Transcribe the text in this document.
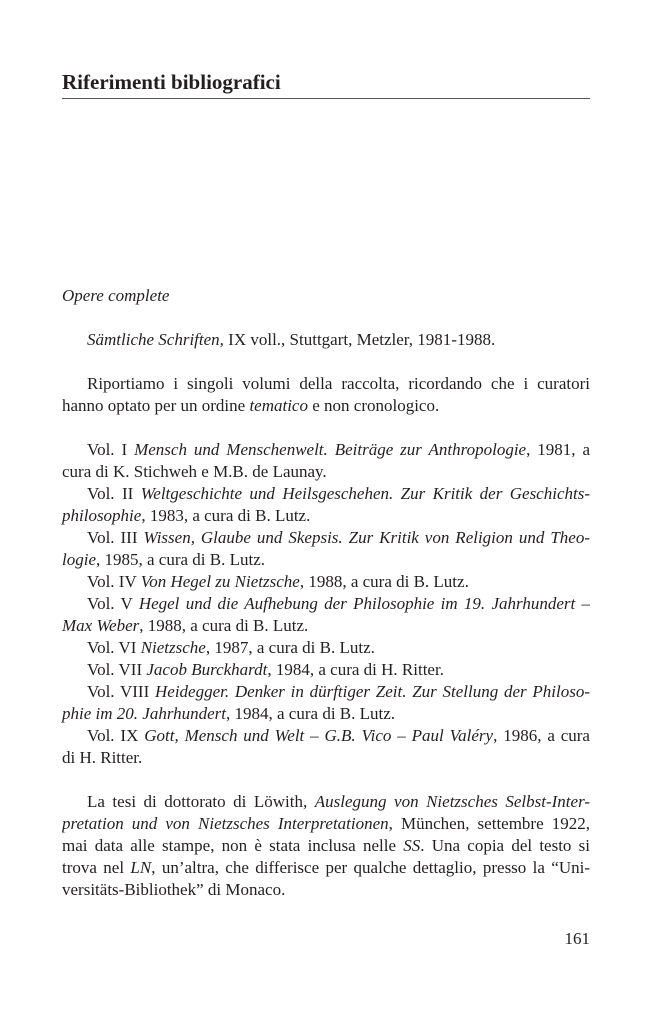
Riferimenti bibliografici
Opere complete
Sämtliche Schriften, IX voll., Stuttgart, Metzler, 1981-1988.
Riportiamo i singoli volumi della raccolta, ricordando che i curatori
hanno optato per un ordine tematico e non cronologico.
Vol. I Mensch und Menschenwelt. Beiträge zur Anthropologie, 1981, a
cura di K. Stichweh e M.B. de Launay.
Vol. II Weltgeschichte und Heilsgeschehen. Zur Kritik der Geschichts-
philosophie, 1983, a cura di B. Lutz.
Vol. III Wissen, Glaube und Skepsis. Zur Kritik von Religion und Theo-
logie, 1985, a cura di B. Lutz.
Vol. IV Von Hegel zu Nietzsche, 1988, a cura di B. Lutz.
Vol. V Hegel und die Aufhebung der Philosophie im 19. Jahrhundert –
Max Weber, 1988, a cura di B. Lutz.
Vol. VI Nietzsche, 1987, a cura di B. Lutz.
Vol. VII Jacob Burckhardt, 1984, a cura di H. Ritter.
Vol. VIII Heidegger. Denker in dürftiger Zeit. Zur Stellung der Philoso-
phie im 20. Jahrhundert, 1984, a cura di B. Lutz.
Vol. IX Gott, Mensch und Welt – G.B. Vico – Paul Valéry, 1986, a cura
di H. Ritter.
La tesi di dottorato di Löwith, Auslegung von Nietzsches Selbst-Inter-
pretation und von Nietzsches Interpretationen, München, settembre 1922,
mai data alle stampe, non è stata inclusa nelle SS. Una copia del testo si
trova nel LN, un’altra, che differisce per qualche dettaglio, presso la “Uni-
versitäts-Bibliothek” di Monaco.
161
